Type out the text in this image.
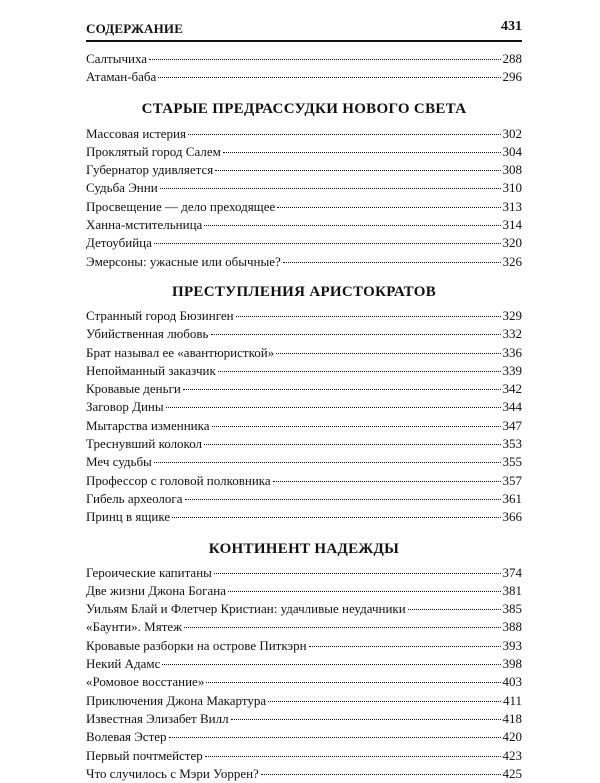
СОДЕРЖАНИЕ	431
Салтычиха	288
Атаман-баба	296
СТАРЫЕ ПРЕДРАССУДКИ НОВОГО СВЕТА
Массовая истерия	302
Проклятый город Салем	304
Губернатор удивляется	308
Судьба Энни	310
Просвещение — дело преходящее	313
Ханна-мстительница	314
Детоубийца	320
Эмерсоны: ужасные или обычные?	326
ПРЕСТУПЛЕНИЯ АРИСТОКРАТОВ
Странный город Бюзинген	329
Убийственная любовь	332
Брат называл ее «авантюристкой»	336
Непойманный заказчик	339
Кровавые деньги	342
Заговор Дины	344
Мытарства изменника	347
Треснувший колокол	353
Меч судьбы	355
Профессор с головой полковника	357
Гибель археолога	361
Принц в ящике	366
КОНТИНЕНТ НАДЕЖДЫ
Героические капитаны	374
Две жизни Джона Богана	381
Уильям Блай и Флетчер Кристиан: удачливые неудачники	385
«Баунти». Мятеж	388
Кровавые разборки на острове Питкэрн	393
Некий Адамс	398
«Ромовое восстание»	403
Приключения Джона Макартура	411
Известная Элизабет Вилл	418
Волевая Эстер	420
Первый почтмейстер	423
Что случилось с Мэри Уоррен?	425
